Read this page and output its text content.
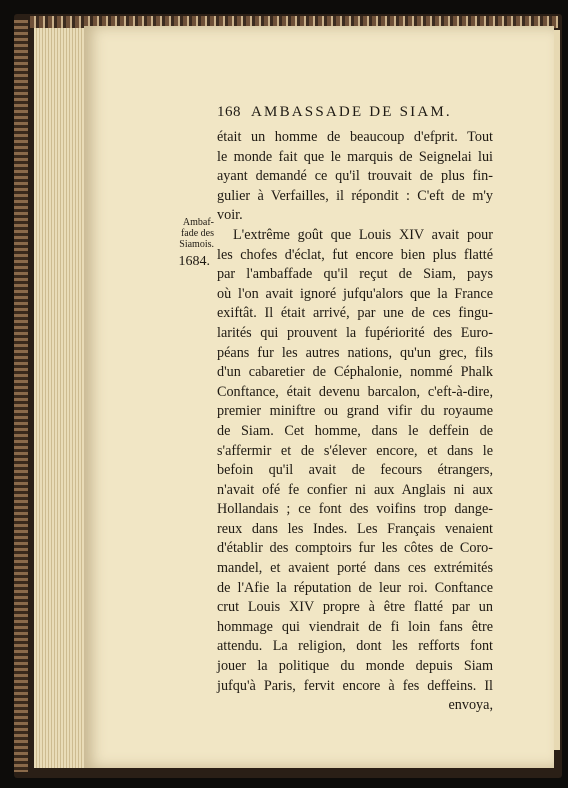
168 AMBASSADE DE SIAM.
Ambaf-
fade des
Siamois.
1684.
était un homme de beaucoup d'efprit. Tout
le monde fait que le marquis de Seignelai lui
ayant demandé ce qu'il trouvait de plus fin-
gulier à Verfailles, il répondit : C'eft de m'y
voir.
L'extrême goût que Louis XIV avait pour
les chofes d'éclat, fut encore bien plus flatté
par l'ambaffade qu'il reçut de Siam, pays
où l'on avait ignoré jufqu'alors que la France
exiftât. Il était arrivé, par une de ces fingu-
larités qui prouvent la fupériorité des Euro-
péans fur les autres nations, qu'un grec, fils
d'un cabaretier de Céphalonie, nommé Phalk
Conftance, était devenu barcalon, c'eft-à-dire,
premier miniftre ou grand vifir du royaume
de Siam. Cet homme, dans le deffein de
s'affermir et de s'élever encore, et dans le
befoin qu'il avait de fecours étrangers,
n'avait ofé fe confier ni aux Anglais ni aux
Hollandais ; ce font des voifins trop dange-
reux dans les Indes. Les Français venaient
d'établir des comptoirs fur les côtes de Coro-
mandel, et avaient porté dans ces extrémités
de l'Afie la réputation de leur roi. Conftance
crut Louis XIV propre à être flatté par un
hommage qui viendrait de fi loin fans être
attendu. La religion, dont les refforts font
jouer la politique du monde depuis Siam
jufqu'à Paris, fervit encore à fes deffeins. Il
envoya,
